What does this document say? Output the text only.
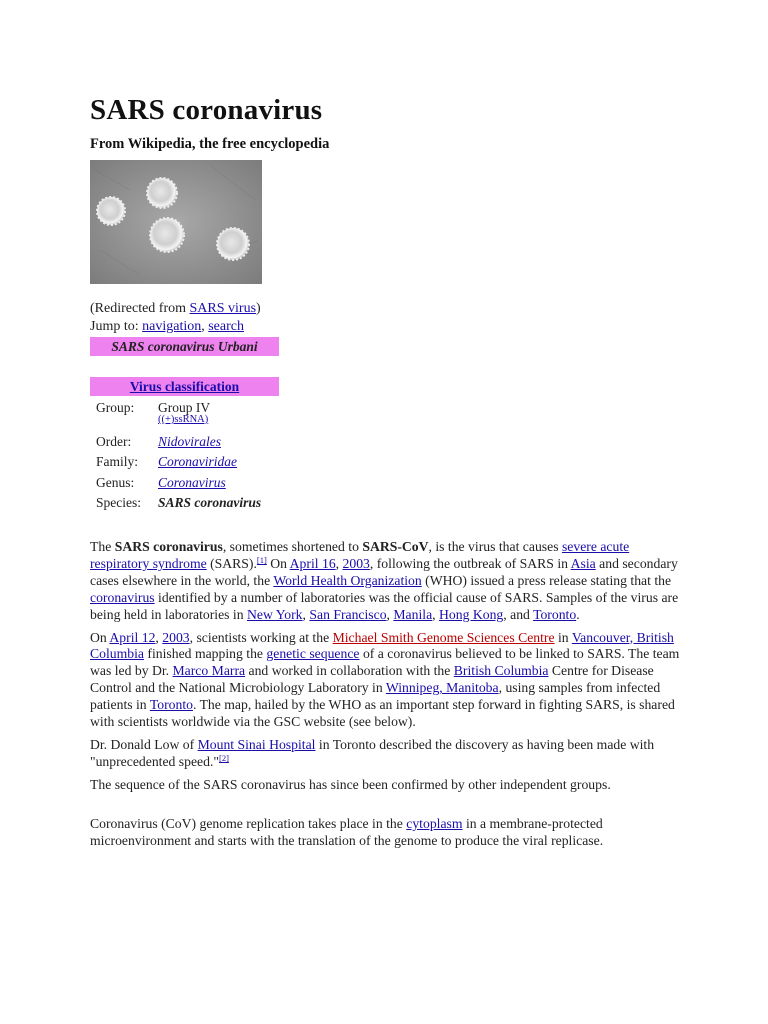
SARS coronavirus
From Wikipedia, the free encyclopedia
(Redirected from SARS virus)
Jump to: navigation, search
SARS coronavirus Urbani
Virus classification
Group:	Group IV
((+)ssRNA)

Order:	Nidovirales
Family:	Coronaviridae
Genus:	Coronavirus
Species:	SARS coronavirus

The SARS coronavirus, sometimes shortened to SARS-CoV, is the virus that causes severe acute respiratory syndrome (SARS).[1] On April 16, 2003, following the outbreak of SARS in Asia and secondary cases elsewhere in the world, the World Health Organization (WHO) issued a press release stating that the coronavirus identified by a number of laboratories was the official cause of SARS. Samples of the virus are being held in laboratories in New York, San Francisco, Manila, Hong Kong, and Toronto.

On April 12, 2003, scientists working at the Michael Smith Genome Sciences Centre in Vancouver, British Columbia finished mapping the genetic sequence of a coronavirus believed to be linked to SARS. The team was led by Dr. Marco Marra and worked in collaboration with the British Columbia Centre for Disease Control and the National Microbiology Laboratory in Winnipeg, Manitoba, using samples from infected patients in Toronto. The map, hailed by the WHO as an important step forward in fighting SARS, is shared with scientists worldwide via the GSC website (see below).

Dr. Donald Low of Mount Sinai Hospital in Toronto described the discovery as having been made with "unprecedented speed."[2]

The sequence of the SARS coronavirus has since been confirmed by other independent groups.

Coronavirus (CoV) genome replication takes place in the cytoplasm in a membrane-protected microenvironment and starts with the translation of the genome to produce the viral replicase.
